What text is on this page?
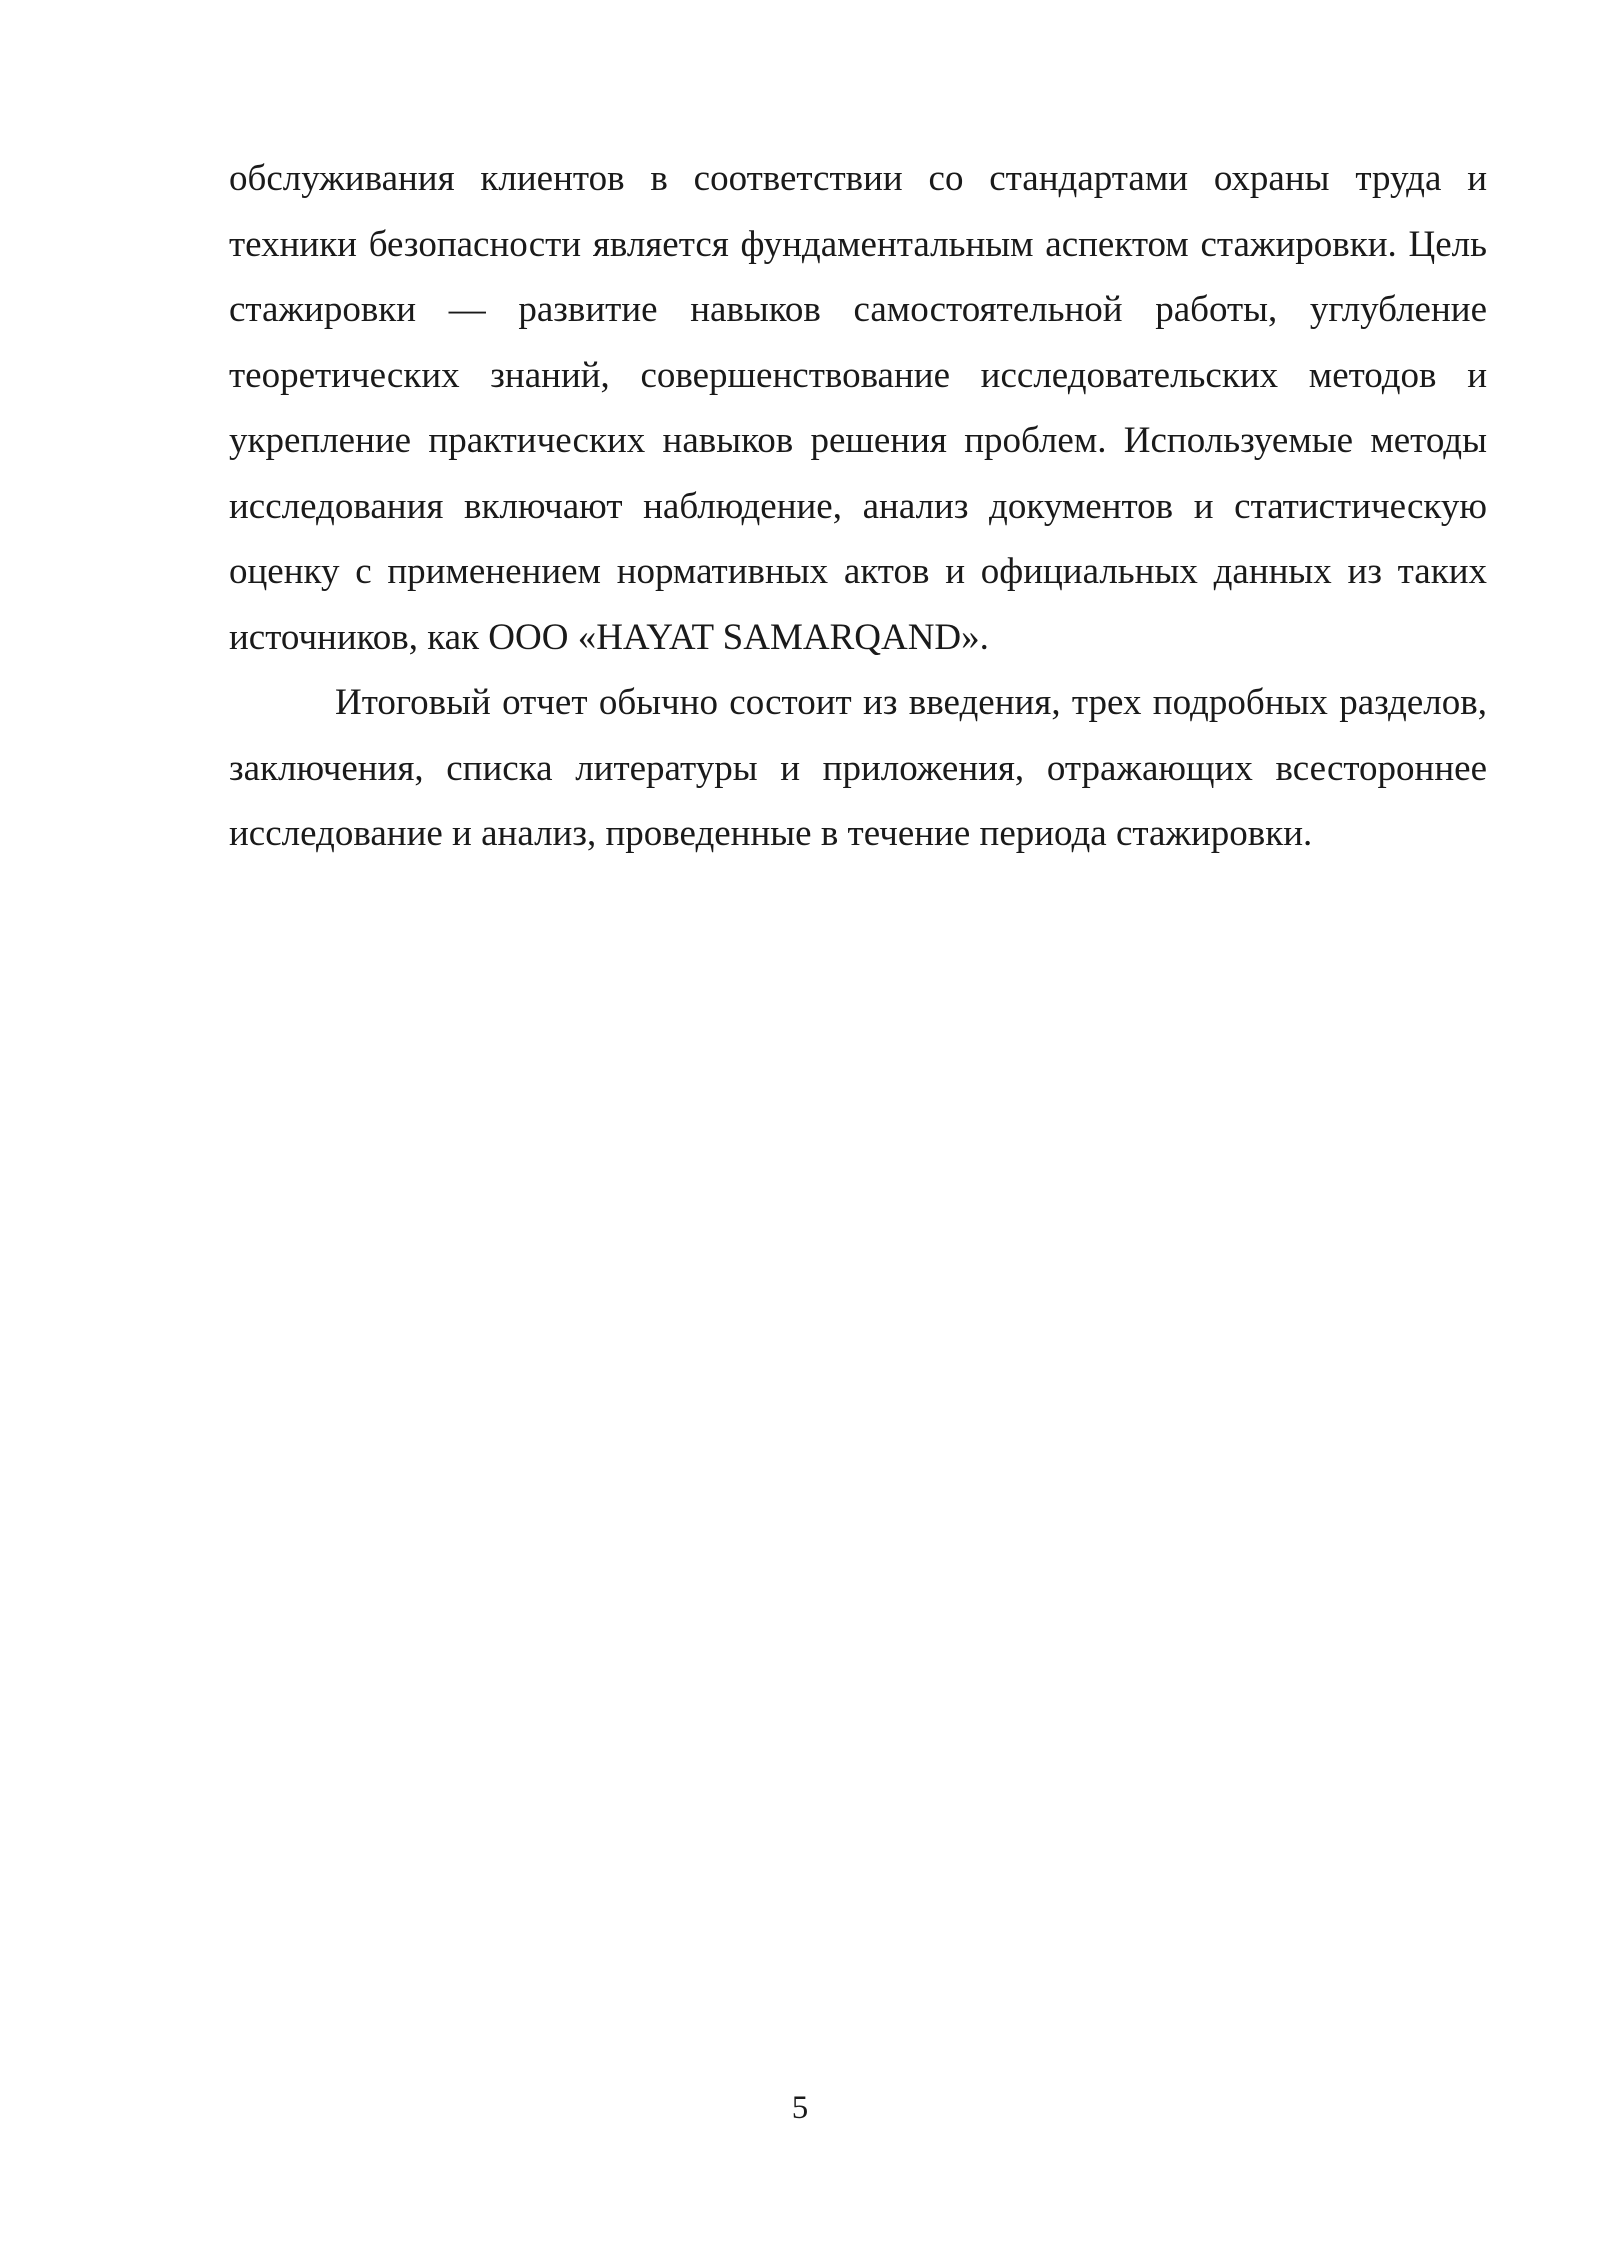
обслуживания клиентов в соответствии со стандартами охраны труда и техники безопасности является фундаментальным аспектом стажировки. Цель стажировки — развитие навыков самостоятельной работы, углубление теоретических знаний, совершенствование исследовательских методов и укрепление практических навыков решения проблем. Используемые методы исследования включают наблюдение, анализ документов и статистическую оценку с применением нормативных актов и официальных данных из таких источников, как ООО «HAYAT SAMARQAND».

Итоговый отчет обычно состоит из введения, трех подробных разделов, заключения, списка литературы и приложения, отражающих всестороннее исследование и анализ, проведенные в течение периода стажировки.

5
